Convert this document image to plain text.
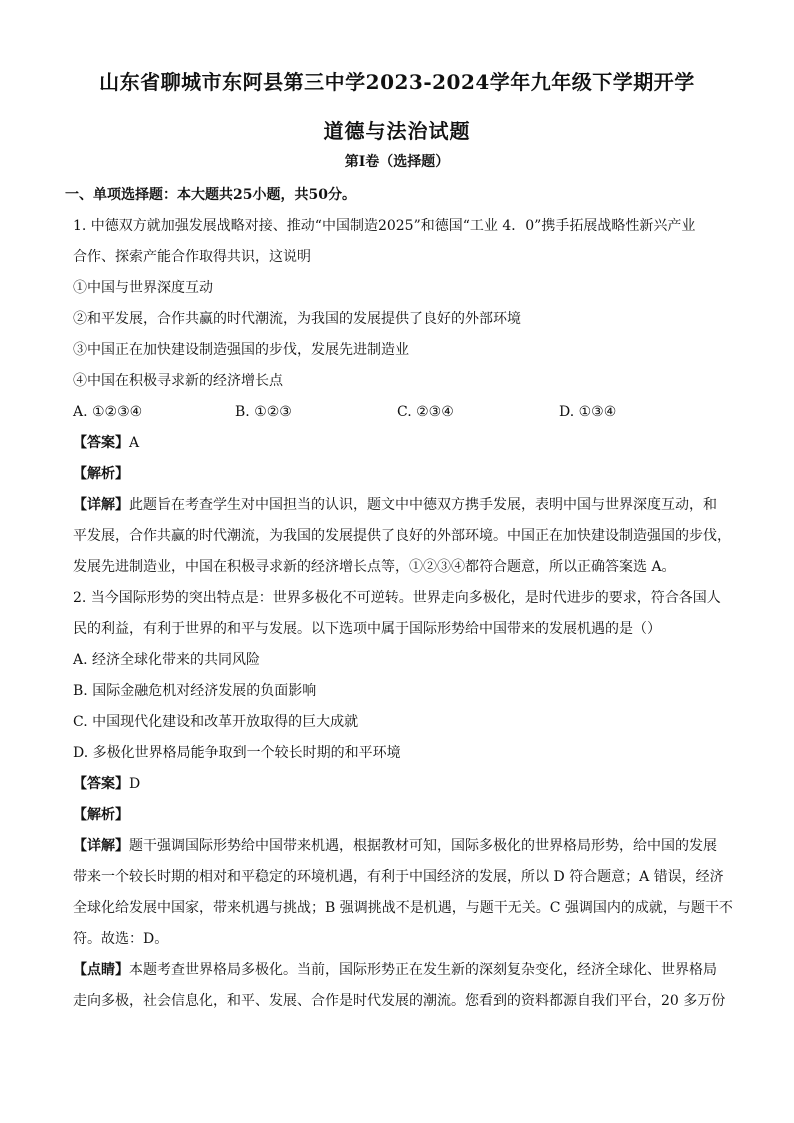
山东省聊城市东阿县第三中学2023-2024学年九年级下学期开学
道德与法治试题
第Ⅰ卷（选择题）
一、单项选择题：本大题共25小题，共50分。
1. 中德双方就加强发展战略对接、推动“中国制造2025”和德国“工业 4．0”携手拓展战略性新兴产业
合作、探索产能合作取得共识，这说明
①中国与世界深度互动
②和平发展，合作共赢的时代潮流，为我国的发展提供了良好的外部环境
③中国正在加快建设制造强国的步伐，发展先进制造业
④中国在积极寻求新的经济增长点
A. ①②③④	B. ①②③	C. ②③④	D. ①③④
【答案】A
【解析】
【详解】此题旨在考查学生对中国担当的认识，题文中中德双方携手发展，表明中国与世界深度互动，和
平发展，合作共赢的时代潮流，为我国的发展提供了良好的外部环境。中国正在加快建设制造强国的步伐，
发展先进制造业，中国在积极寻求新的经济增长点等，①②③④都符合题意，所以正确答案选 A。
2. 当今国际形势的突出特点是：世界多极化不可逆转。世界走向多极化，是时代进步的要求，符合各国人
民的利益，有利于世界的和平与发展。以下选项中属于国际形势给中国带来的发展机遇的是（）
A. 经济全球化带来的共同风险
B. 国际金融危机对经济发展的负面影响
C. 中国现代化建设和改革开放取得的巨大成就
D. 多极化世界格局能争取到一个较长时期的和平环境
【答案】D
【解析】
【详解】题干强调国际形势给中国带来机遇，根据教材可知，国际多极化的世界格局形势，给中国的发展
带来一个较长时期的相对和平稳定的环境机遇，有利于中国经济的发展，所以 D 符合题意；A 错误，经济
全球化给发展中国家，带来机遇与挑战；B 强调挑战不是机遇，与题干无关。C 强调国内的成就，与题干不
符。故选：D。
【点睛】本题考查世界格局多极化。当前，国际形势正在发生新的深刻复杂变化，经济全球化、世界格局
走向多极，社会信息化，和平、发展、合作是时代发展的潮流。您看到的资料都源自我们平台，20 多万份
